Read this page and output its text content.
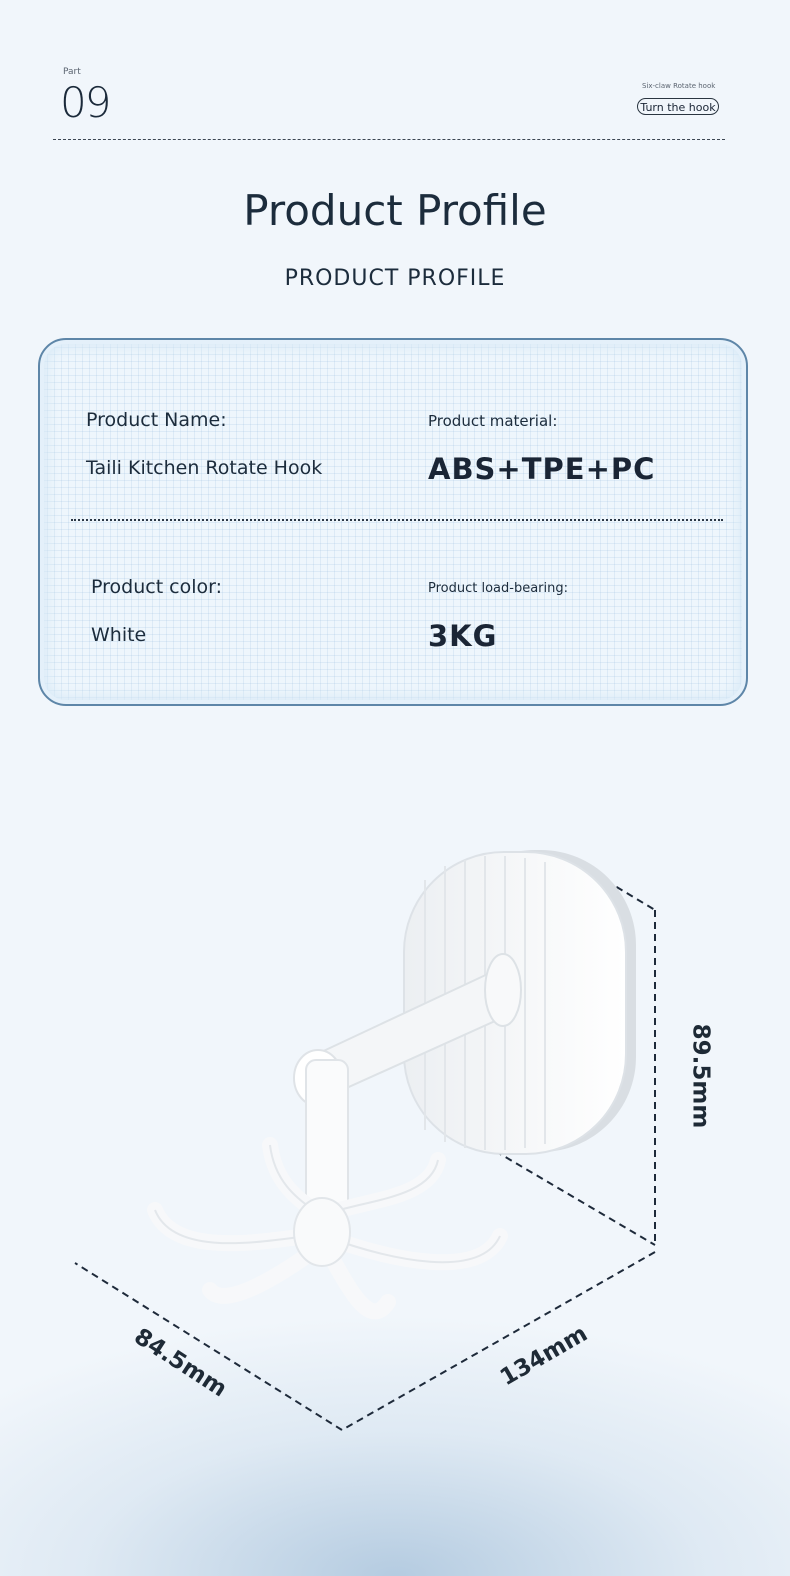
Part
09	Six-claw Rotate hook
Turn the hook
Product Profile
PRODUCT PROFILE
Product Name:
Taili Kitchen Rotate Hook
Product material:
ABS+TPE+PC
Product color:
White
Product load-bearing:
3KG
89.5mm
84.5mm	134mm
